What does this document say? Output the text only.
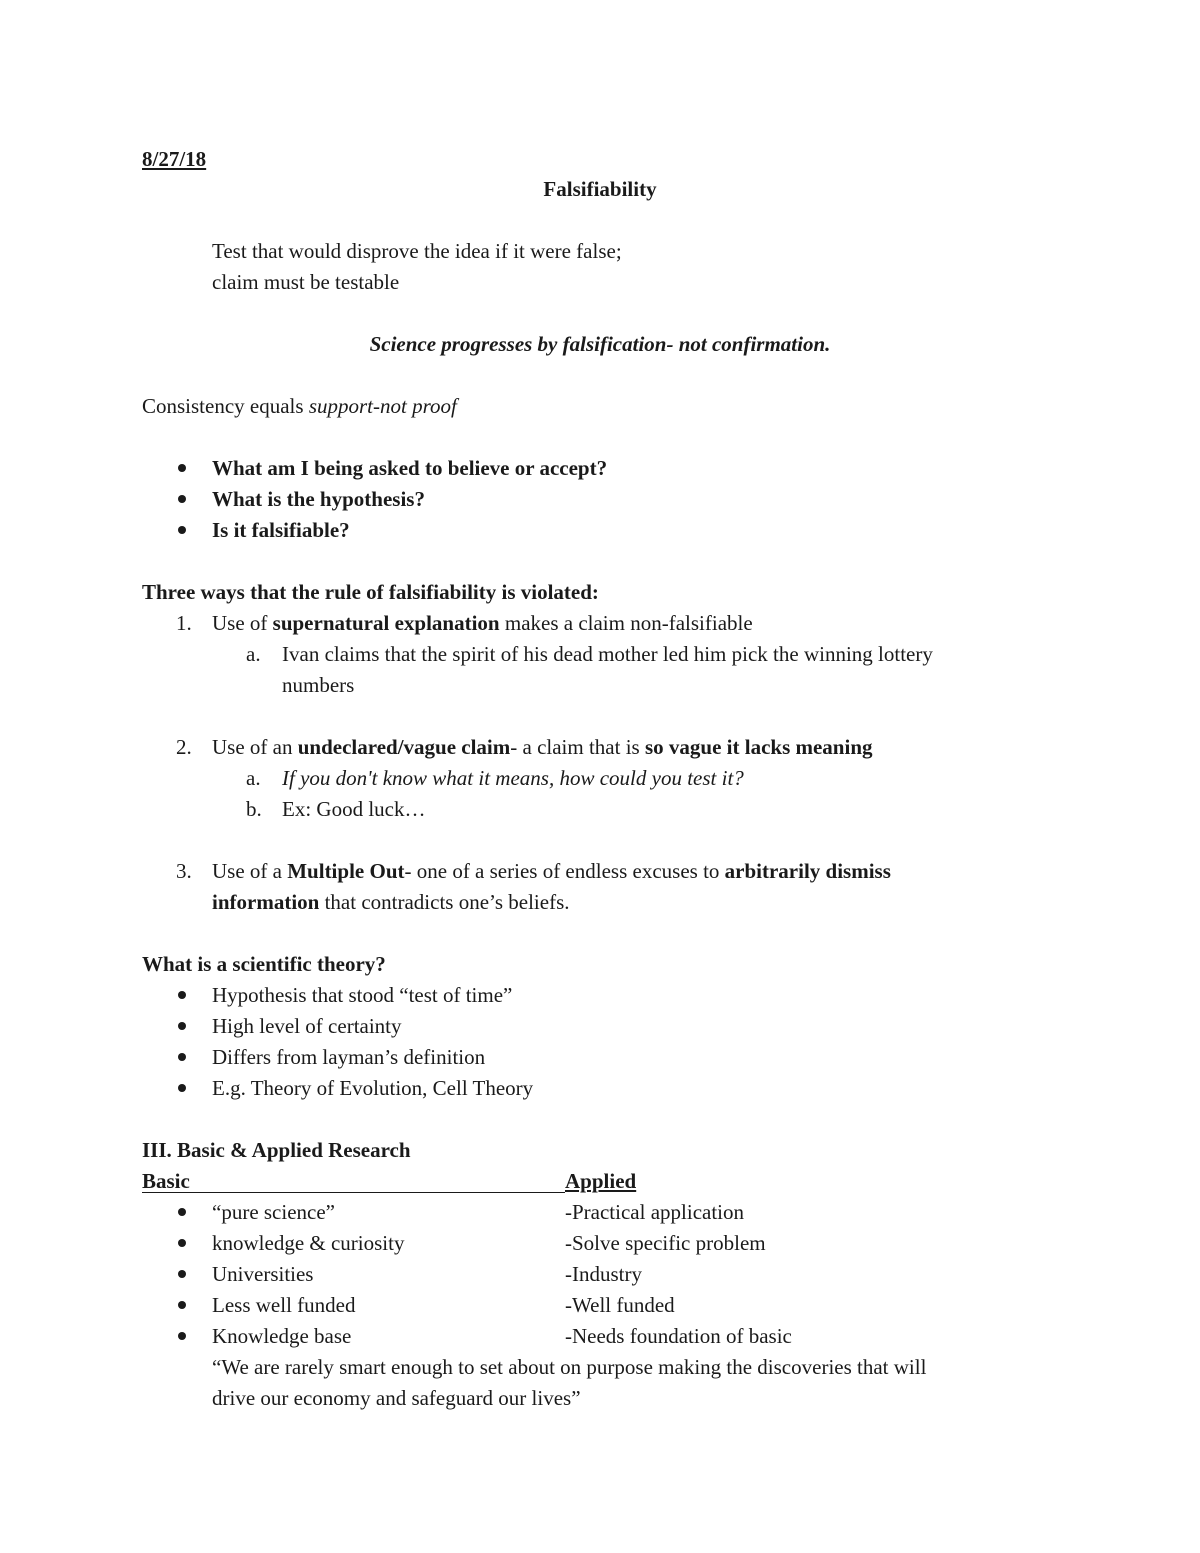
8/27/18
Falsifiability
Test that would disprove the idea if it were false;
claim must be testable
Science progresses by falsification- not confirmation.
Consistency equals support-not proof
What am I being asked to believe or accept?
What is the hypothesis?
Is it falsifiable?
Three ways that the rule of falsifiability is violated:
1. Use of supernatural explanation makes a claim non-falsifiable
a. Ivan claims that the spirit of his dead mother led him pick the winning lottery
numbers
2. Use of an undeclared/vague claim- a claim that is so vague it lacks meaning
a. If you don't know what it means, how could you test it?
b. Ex: Good luck…
3. Use of a Multiple Out- one of a series of endless excuses to arbitrarily dismiss
information that contradicts one’s beliefs.
What is a scientific theory?
Hypothesis that stood “test of time”
High level of certainty
Differs from layman’s definition
E.g. Theory of Evolution, Cell Theory
III. Basic & Applied Research
Basic	Applied
“pure science”	-Practical application
knowledge & curiosity	-Solve specific problem
Universities	-Industry
Less well funded	-Well funded
Knowledge base	-Needs foundation of basic
“We are rarely smart enough to set about on purpose making the discoveries that will
drive our economy and safeguard our lives”
